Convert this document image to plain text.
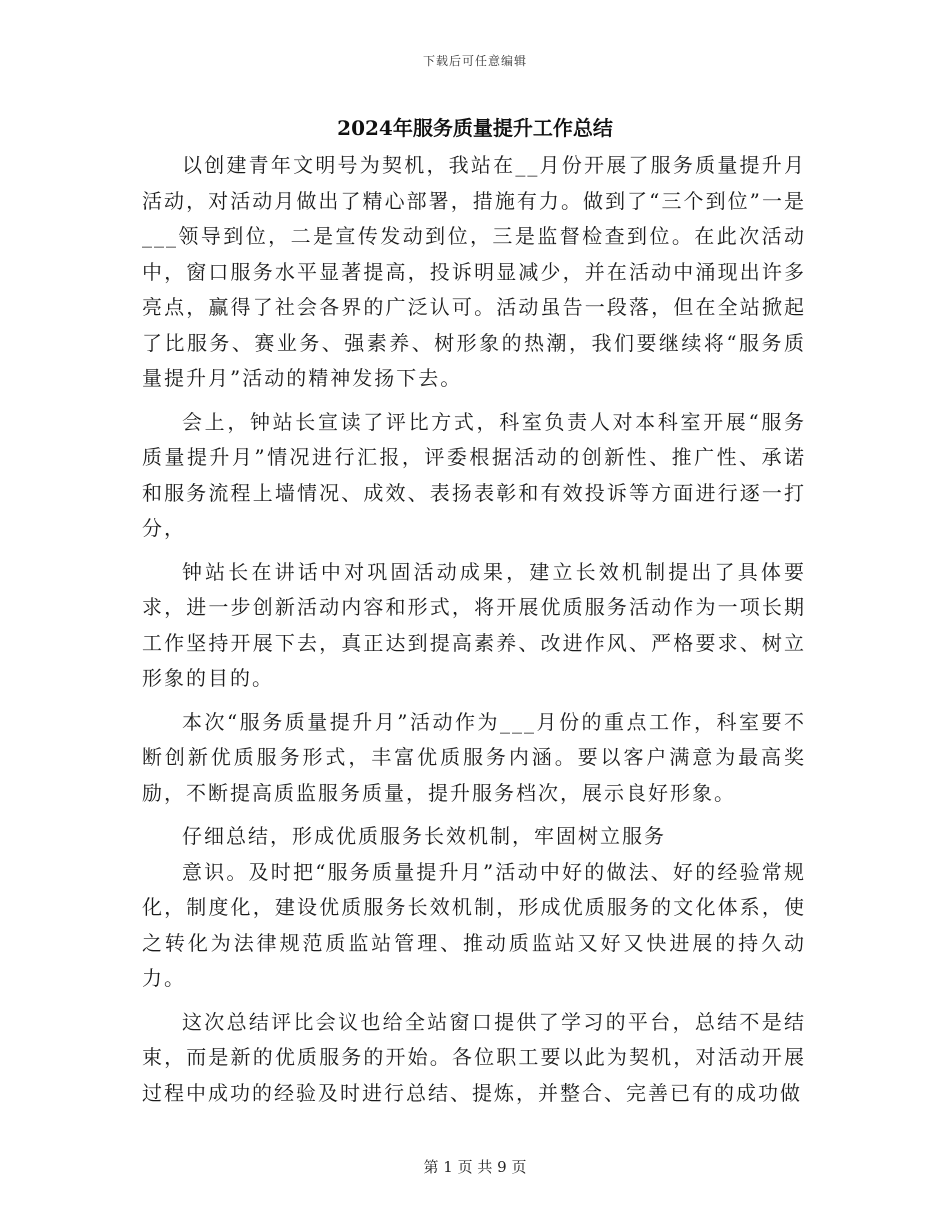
下载后可任意编辑
2024年服务质量提升工作总结

以创建青年文明号为契机，我站在__月份开展了服务质量提升月活动，对活动月做出了精心部署，措施有力。做到了“三个到位”一是___领导到位，二是宣传发动到位，三是监督检查到位。在此次活动中，窗口服务水平显著提高，投诉明显减少，并在活动中涌现出许多亮点，赢得了社会各界的广泛认可。活动虽告一段落，但在全站掀起了比服务、赛业务、强素养、树形象的热潮，我们要继续将“服务质量提升月”活动的精神发扬下去。

会上，钟站长宣读了评比方式，科室负责人对本科室开展“服务质量提升月”情况进行汇报，评委根据活动的创新性、推广性、承诺和服务流程上墙情况、成效、表扬表彰和有效投诉等方面进行逐一打分，

钟站长在讲话中对巩固活动成果，建立长效机制提出了具体要求，进一步创新活动内容和形式，将开展优质服务活动作为一项长期工作坚持开展下去，真正达到提高素养、改进作风、严格要求、树立形象的目的。

本次“服务质量提升月”活动作为___月份的重点工作，科室要不断创新优质服务形式，丰富优质服务内涵。要以客户满意为最高奖励，不断提高质监服务质量，提升服务档次，展示良好形象。

仔细总结，形成优质服务长效机制，牢固树立服务

意识。及时把“服务质量提升月”活动中好的做法、好的经验常规化，制度化，建设优质服务长效机制，形成优质服务的文化体系，使之转化为法律规范质监站管理、推动质监站又好又快进展的持久动力。

这次总结评比会议也给全站窗口提供了学习的平台，总结不是结束，而是新的优质服务的开始。各位职工要以此为契机，对活动开展过程中成功的经验及时进行总结、提炼，并整合、完善已有的成功做

第 1 页 共 9 页
